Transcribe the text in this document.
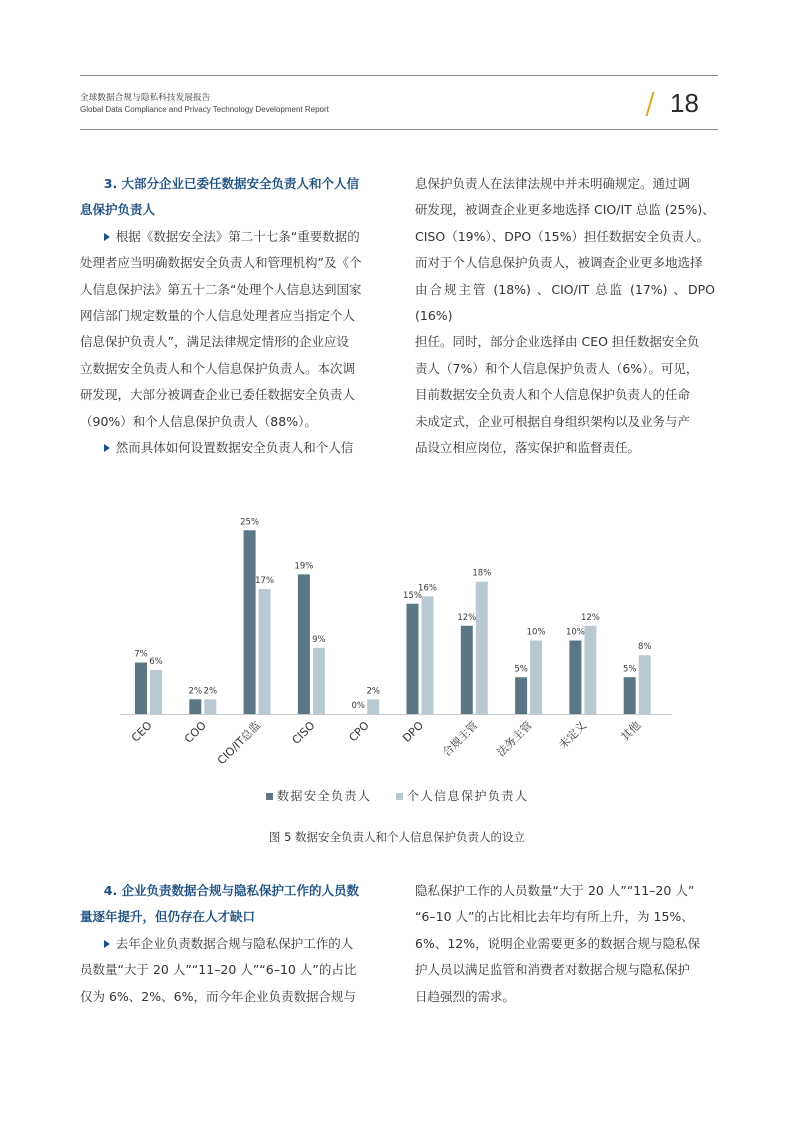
全球数据合规与隐私科技发展报告
Global Data Compliance and Privacy Technology Development Report	18

3. 大部分企业已委任数据安全负责人和个人信

息保护负责人

根据《数据安全法》第二十七条“重要数据的

处理者应当明确数据安全负责人和管理机构”及《个

人信息保护法》第五十二条“处理个人信息达到国家

网信部门规定数量的个人信息处理者应当指定个人

信息保护负责人”，满足法律规定情形的企业应设

立数据安全负责人和个人信息保护负责人。本次调

研发现，大部分被调查企业已委任数据安全负责人

（90%）和个人信息保护负责人（88%）。

然而具体如何设置数据安全负责人和个人信

息保护负责人在法律法规中并未明确规定。通过调

研发现，被调查企业更多地选择 CIO/IT 总监 (25%)、

CISO（19%）、DPO（15%）担任数据安全负责人。

而对于个人信息保护负责人，被调查企业更多地选择

由合规主管 (18%) 、CIO/IT 总监 (17%) 、DPO (16%)

担任。同时，部分企业选择由 CEO 担任数据安全负

责人（7%）和个人信息保护负责人（6%）。可见，

目前数据安全负责人和个人信息保护负责人的任命

未成定式，企业可根据自身组织架构以及业务与产

品设立相应岗位，落实保护和监督责任。

7%
6%
CEO
2% 2%
COO
25%
17%
CIO/IT总监
19%
9%
CISO
0%
2%
CPO
15%
16%
DPO
12%
18%
合规主管
5%
10%
法务主管
10%
12%
未定义
5%
8%
其他
数据安全负责人	个人信息保护负责人
图 5 数据安全负责人和个人信息保护负责人的设立

4. 企业负责数据合规与隐私保护工作的人员数

量逐年提升，但仍存在人才缺口

去年企业负责数据合规与隐私保护工作的人

员数量“大于 20 人”“11–20 人”“6–10 人”的占比

仅为 6%、2%、6%，而今年企业负责数据合规与

隐私保护工作的人员数量“大于 20 人”“11–20 人”

“6–10 人”的占比相比去年均有所上升，为 15%、

6%、12%，说明企业需要更多的数据合规与隐私保

护人员以满足监管和消费者对数据合规与隐私保护

日趋强烈的需求。
